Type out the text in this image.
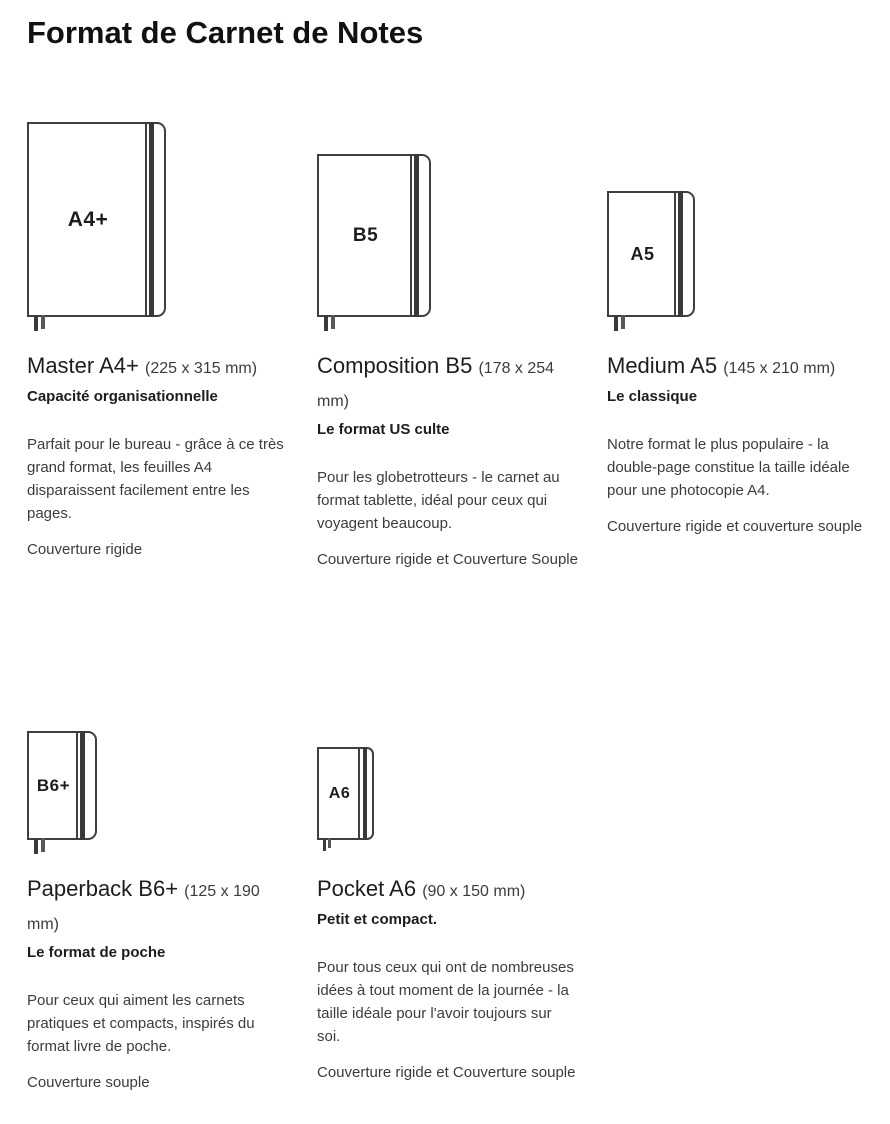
Format de Carnet de Notes
A4+
Master A4+ (225 x 315 mm)
Capacité organisationnelle

Parfait pour le bureau - grâce à ce très grand format, les feuilles A4 disparaissent facilement entre les pages.

Couverture rigide

B5
Composition B5 (178 x 254 mm)
Le format US culte

Pour les globetrotteurs - le carnet au format tablette, idéal pour ceux qui voyagent beaucoup.

Couverture rigide et Couverture Souple

A5
Medium A5 (145 x 210 mm)
Le classique

Notre format le plus populaire - la double-page constitue la taille idéale pour une photocopie A4.

Couverture rigide et couverture souple

B6+
Paperback B6+ (125 x 190 mm)
Le format de poche

Pour ceux qui aiment les carnets pratiques et compacts, inspirés du format livre de poche.

Couverture souple

A6
Pocket A6 (90 x 150 mm)
Petit et compact.

Pour tous ceux qui ont de nombreuses idées à tout moment de la journée - la taille idéale pour l'avoir toujours sur soi.

Couverture rigide et Couverture souple
